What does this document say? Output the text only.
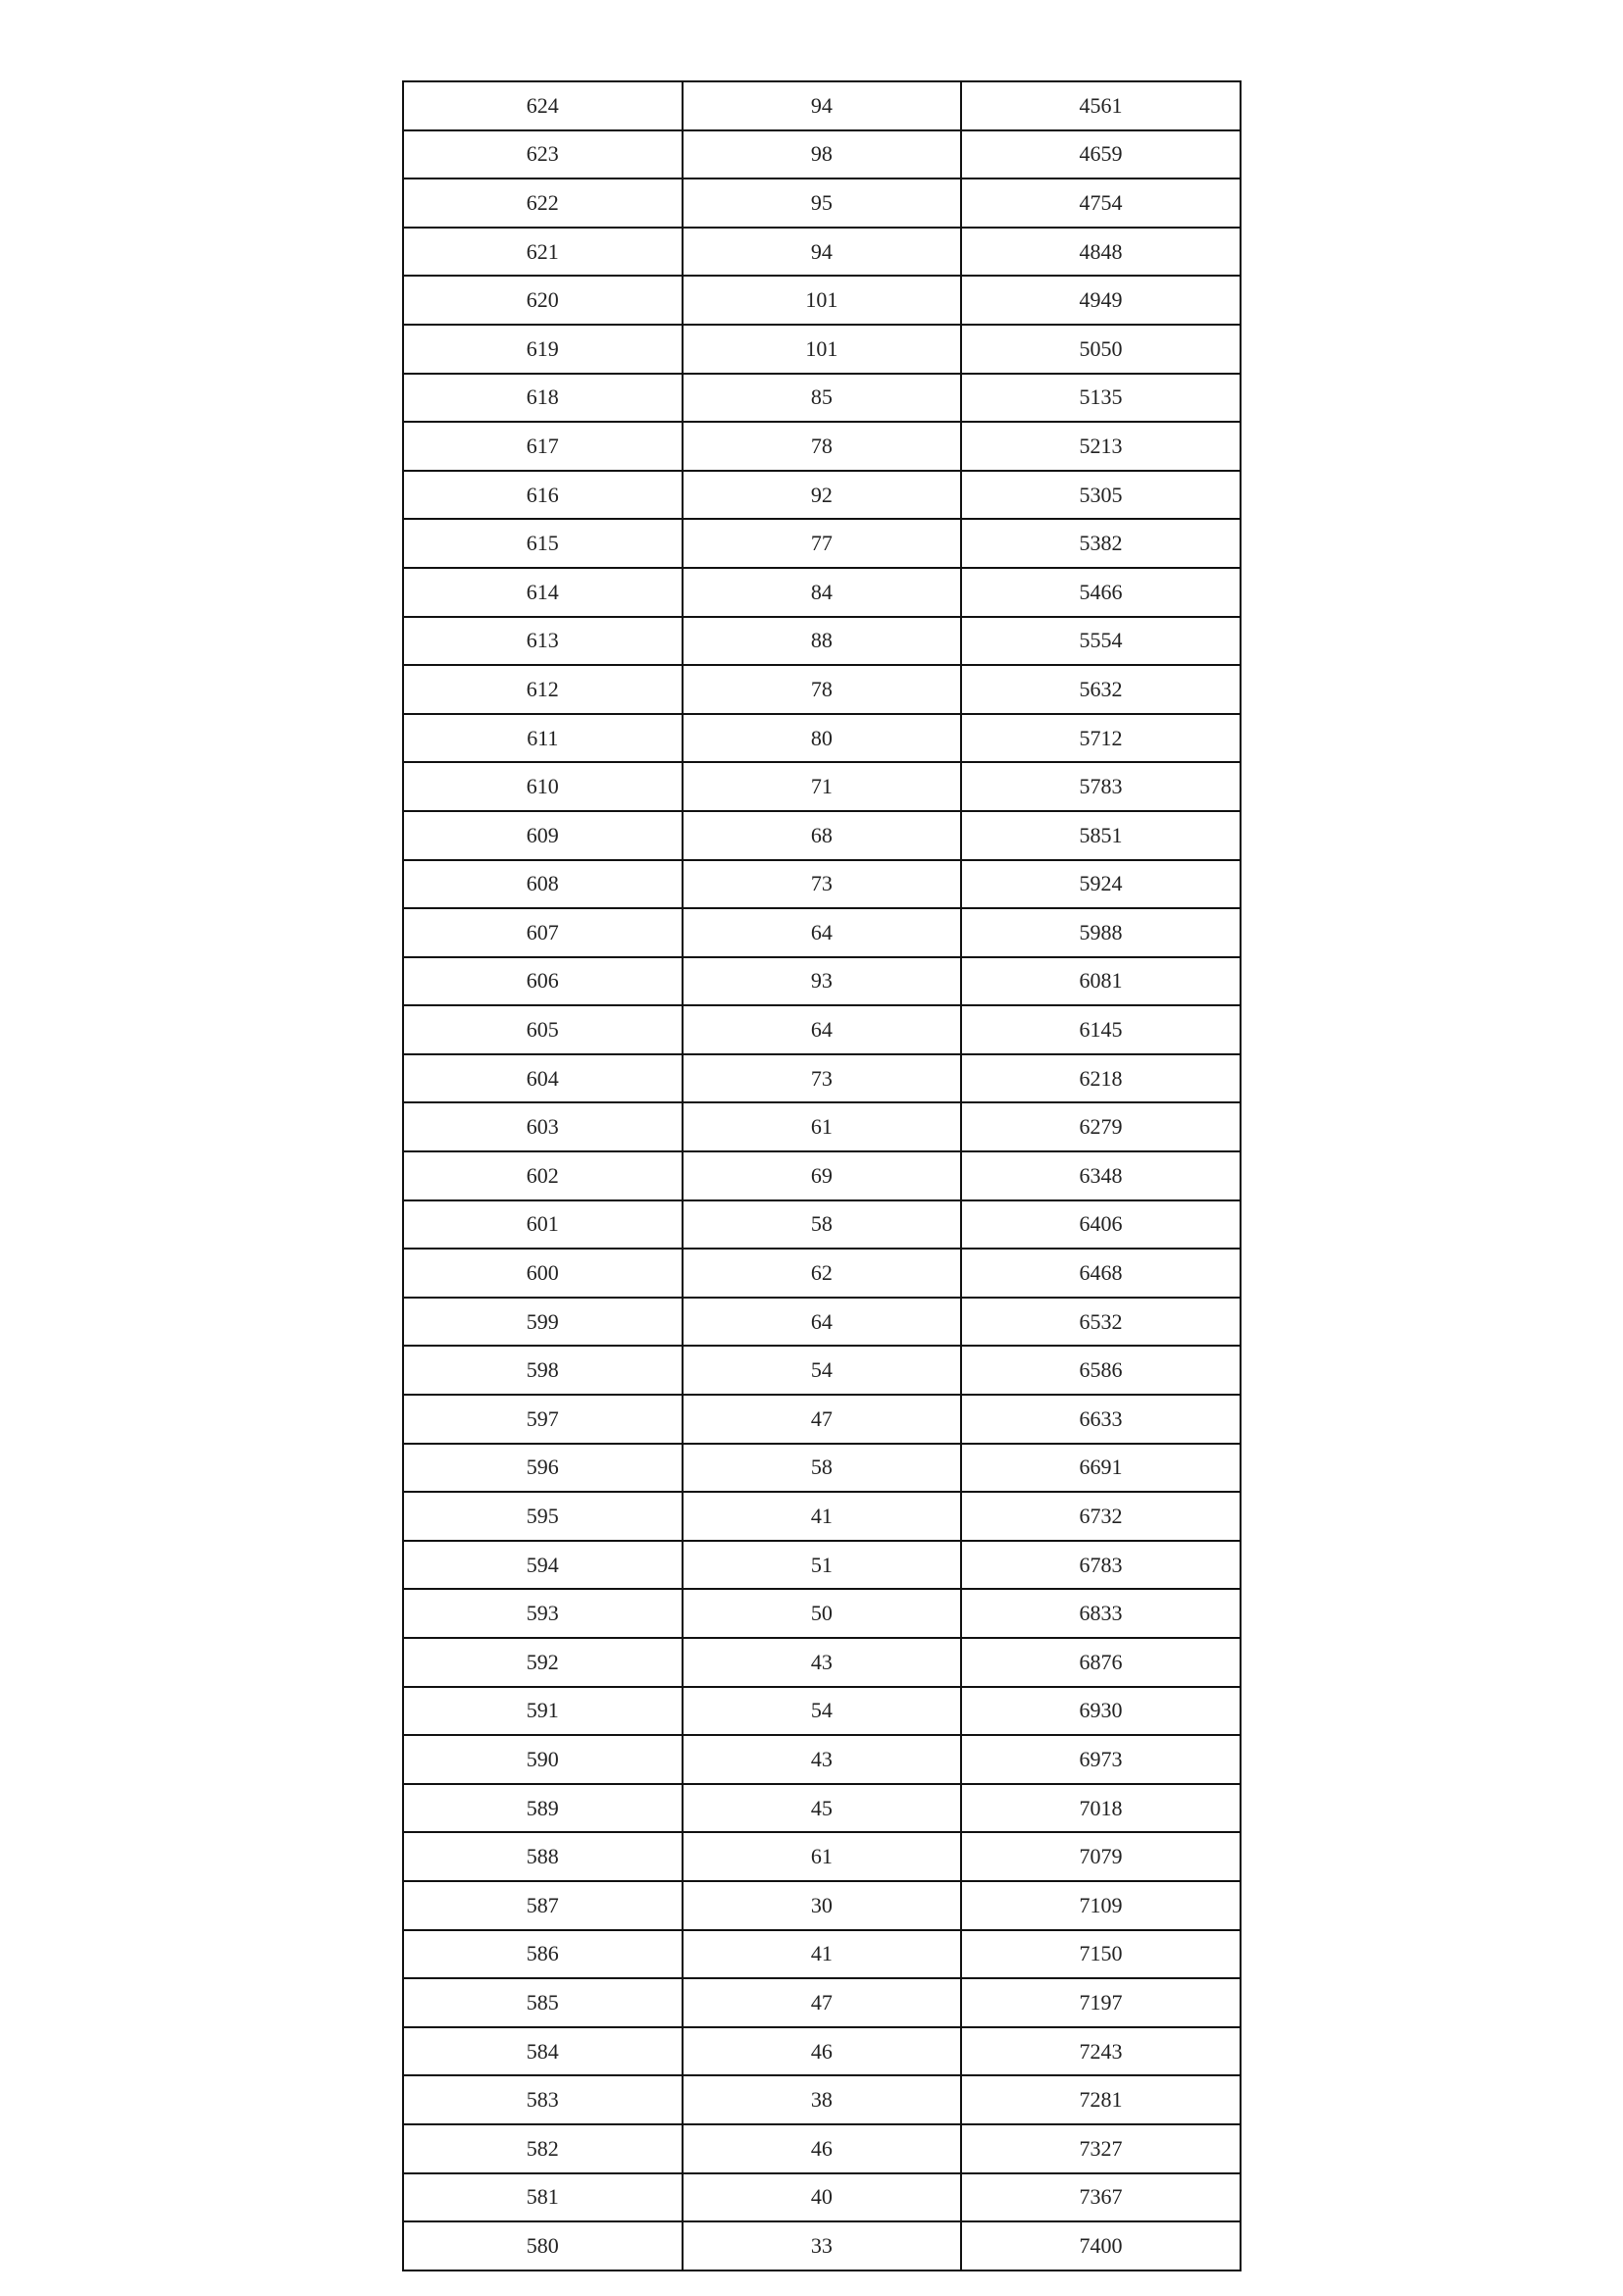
624	94	4561
623	98	4659
622	95	4754
621	94	4848
620	101	4949
619	101	5050
618	85	5135
617	78	5213
616	92	5305
615	77	5382
614	84	5466
613	88	5554
612	78	5632
611	80	5712
610	71	5783
609	68	5851
608	73	5924
607	64	5988
606	93	6081
605	64	6145
604	73	6218
603	61	6279
602	69	6348
601	58	6406
600	62	6468
599	64	6532
598	54	6586
597	47	6633
596	58	6691
595	41	6732
594	51	6783
593	50	6833
592	43	6876
591	54	6930
590	43	6973
589	45	7018
588	61	7079
587	30	7109
586	41	7150
585	47	7197
584	46	7243
583	38	7281
582	46	7327
581	40	7367
580	33	7400
